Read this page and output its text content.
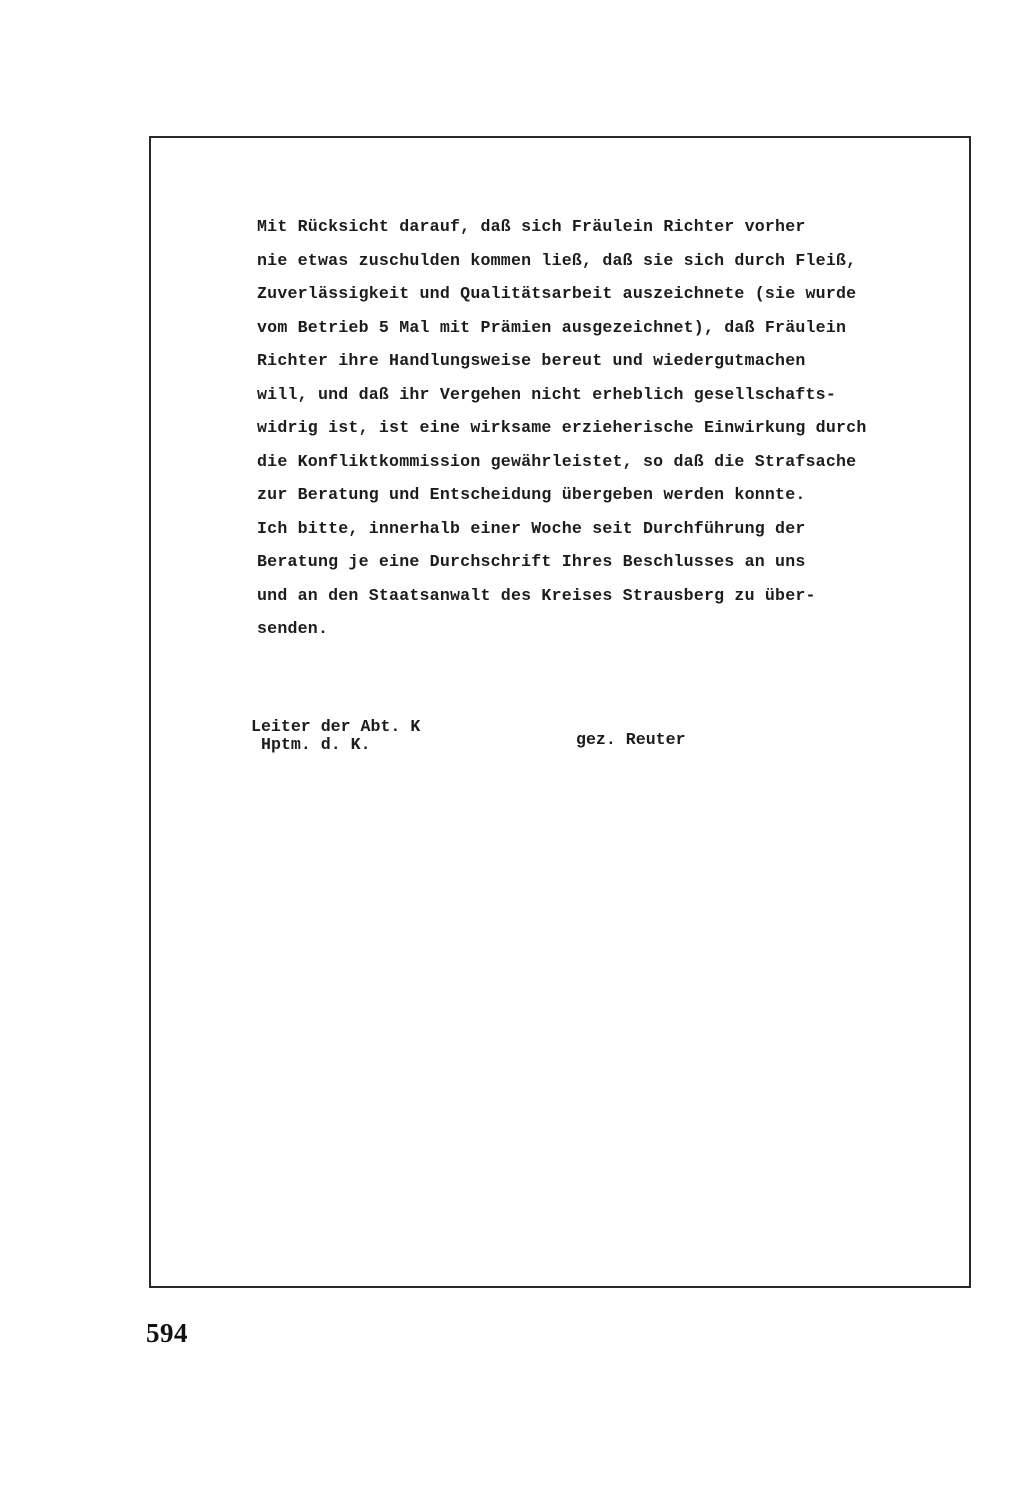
Mit Rücksicht darauf, daß sich Fräulein Richter vorher

nie etwas zuschulden kommen ließ, daß sie sich durch Fleiß,

Zuverlässigkeit und Qualitätsarbeit auszeichnete (sie wurde

vom Betrieb 5 Mal mit Prämien ausgezeichnet), daß Fräulein

Richter ihre Handlungsweise bereut und wiedergutmachen

will, und daß ihr Vergehen nicht erheblich gesellschafts-

widrig ist, ist eine wirksame erzieherische Einwirkung durch

die Konfliktkommission gewährleistet, so daß die Strafsache

zur Beratung und Entscheidung übergeben werden konnte.

Ich bitte, innerhalb einer Woche seit Durchführung der

Beratung je eine Durchschrift Ihres Beschlusses an uns

und an den Staatsanwalt des Kreises Strausberg zu über-

senden.

Leiter der Abt. K
Hptm. d. K.	gez. Reuter
594
